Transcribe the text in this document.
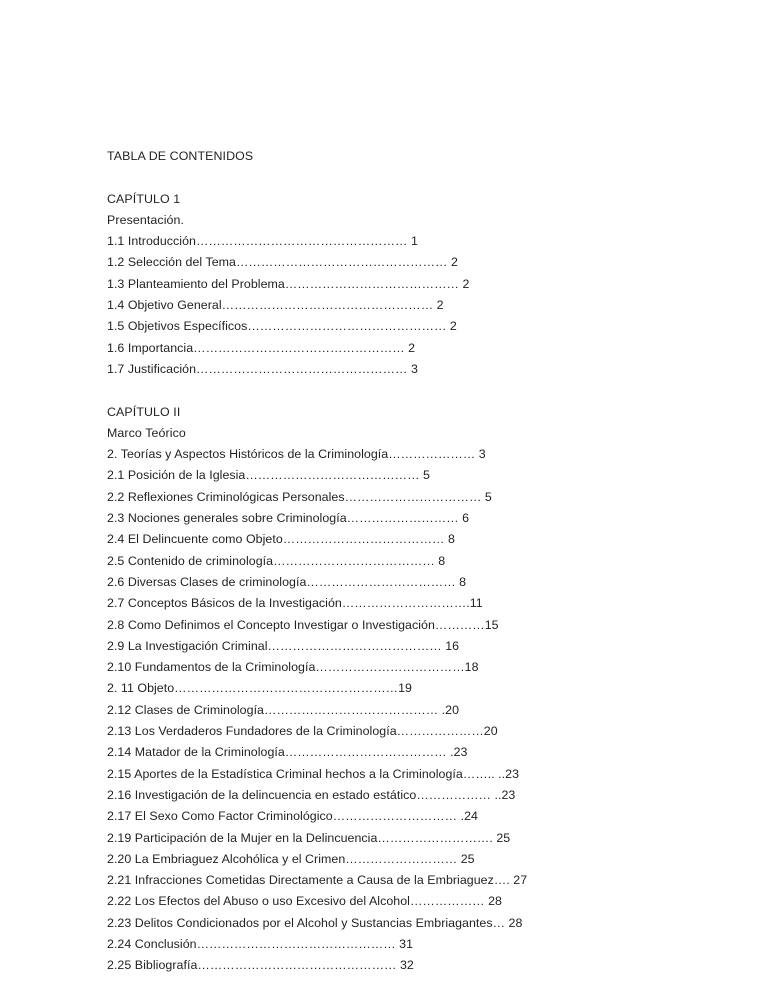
TABLA DE CONTENIDOS
CAPÍTULO 1
Presentación.
1.1 Introducción…………………………………………… 1
1.2 Selección del Tema…………………………………………… 2
1.3 Planteamiento del Problema…………………………………… 2
1.4 Objetivo General…………………………………………… 2
1.5 Objetivos Específicos………………………………………… 2
1.6 Importancia…………………………………………… 2
1.7 Justificación…………………………………………… 3
CAPÍTULO II
Marco Teórico
2. Teorías y Aspectos Históricos de la Criminología………………… 3
2.1 Posición de la Iglesia…………………………………… 5
2.2 Reflexiones Criminológicas Personales…………………………… 5
2.3 Nociones generales sobre Criminología……………………… 6
2.4 El Delincuente como Objeto………………………………… 8
2.5 Contenido de criminología………………………………… 8
2.6 Diversas Clases de criminología……………………………… 8
2.7 Conceptos Básicos de la Investigación………………………….11
2.8 Como Definimos el Concepto Investigar o Investigación…………15
2.9 La Investigación Criminal…………………………………… 16
2.10 Fundamentos de la Criminología………………………………18
2. 11 Objeto………………………………………………19
2.12 Clases de Criminología…………………………………… .20
2.13 Los Verdaderos Fundadores de la Criminología…………………20
2.14 Matador de la Criminología………………………………… .23
2.15 Aportes de la Estadística Criminal hechos a la Criminología…….. ..23
2.16 Investigación de la delincuencia en estado estático……………… ..23
2.17 El Sexo Como Factor Criminológico………………………… .24
2.19 Participación de la Mujer en la Delincuencia………………………. 25
2.20 La Embriaguez Alcohólica y el Crimen……………………… 25
2.21 Infracciones Cometidas Directamente a Causa de la Embriaguez…. 27
2.22 Los Efectos del Abuso o uso Excesivo del Alcohol……………… 28
2.23 Delitos Condicionados por el Alcohol y Sustancias Embriagantes… 28
2.24 Conclusión………………………………………… 31
2.25 Bibliografía………………………………………… 32
